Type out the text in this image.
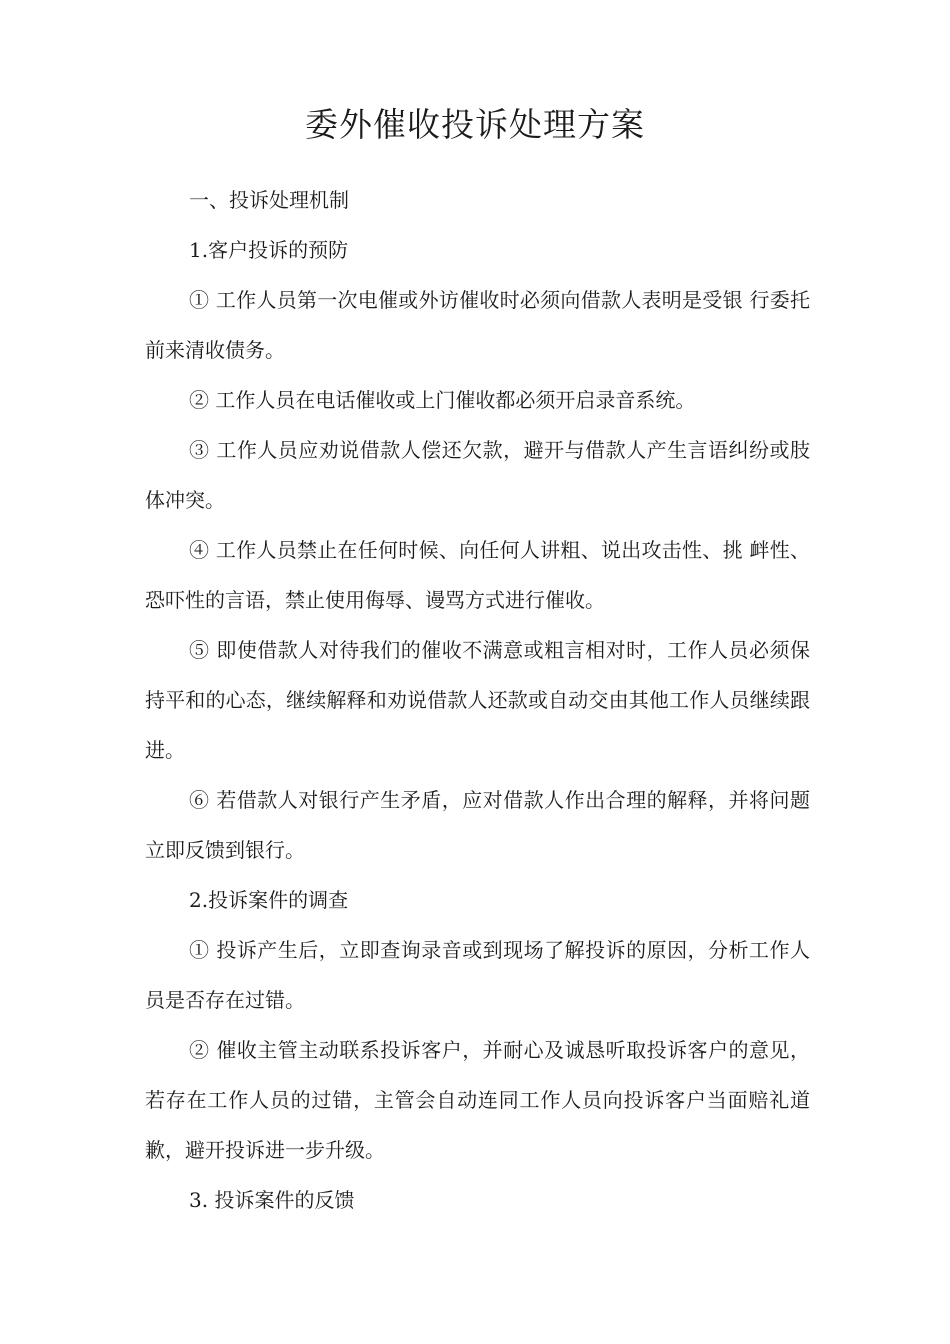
委外催收投诉处理方案

一、投诉处理机制

1.客户投诉的预防

① 工作人员第一次电催或外访催收时必须向借款人表明是受银 行委托前来清收债务。

② 工作人员在电话催收或上门催收都必须开启录音系统。

③ 工作人员应劝说借款人偿还欠款，避开与借款人产生言语纠纷或肢体冲突。

④ 工作人员禁止在任何时候、向任何人讲粗、说出攻击性、挑 衅性、恐吓性的言语，禁止使用侮辱、谩骂方式进行催收。

⑤ 即使借款人对待我们的催收不满意或粗言相对时，工作人员必须保持平和的心态，继续解释和劝说借款人还款或自动交由其他工作人员继续跟进。

⑥ 若借款人对银行产生矛盾，应对借款人作出合理的解释，并将问题立即反馈到银行。

2.投诉案件的调查

① 投诉产生后，立即查询录音或到现场了解投诉的原因，分析工作人员是否存在过错。

② 催收主管主动联系投诉客户，并耐心及诚恳听取投诉客户的意见，若存在工作人员的过错，主管会自动连同工作人员向投诉客户当面赔礼道歉，避开投诉进一步升级。

3. 投诉案件的反馈
